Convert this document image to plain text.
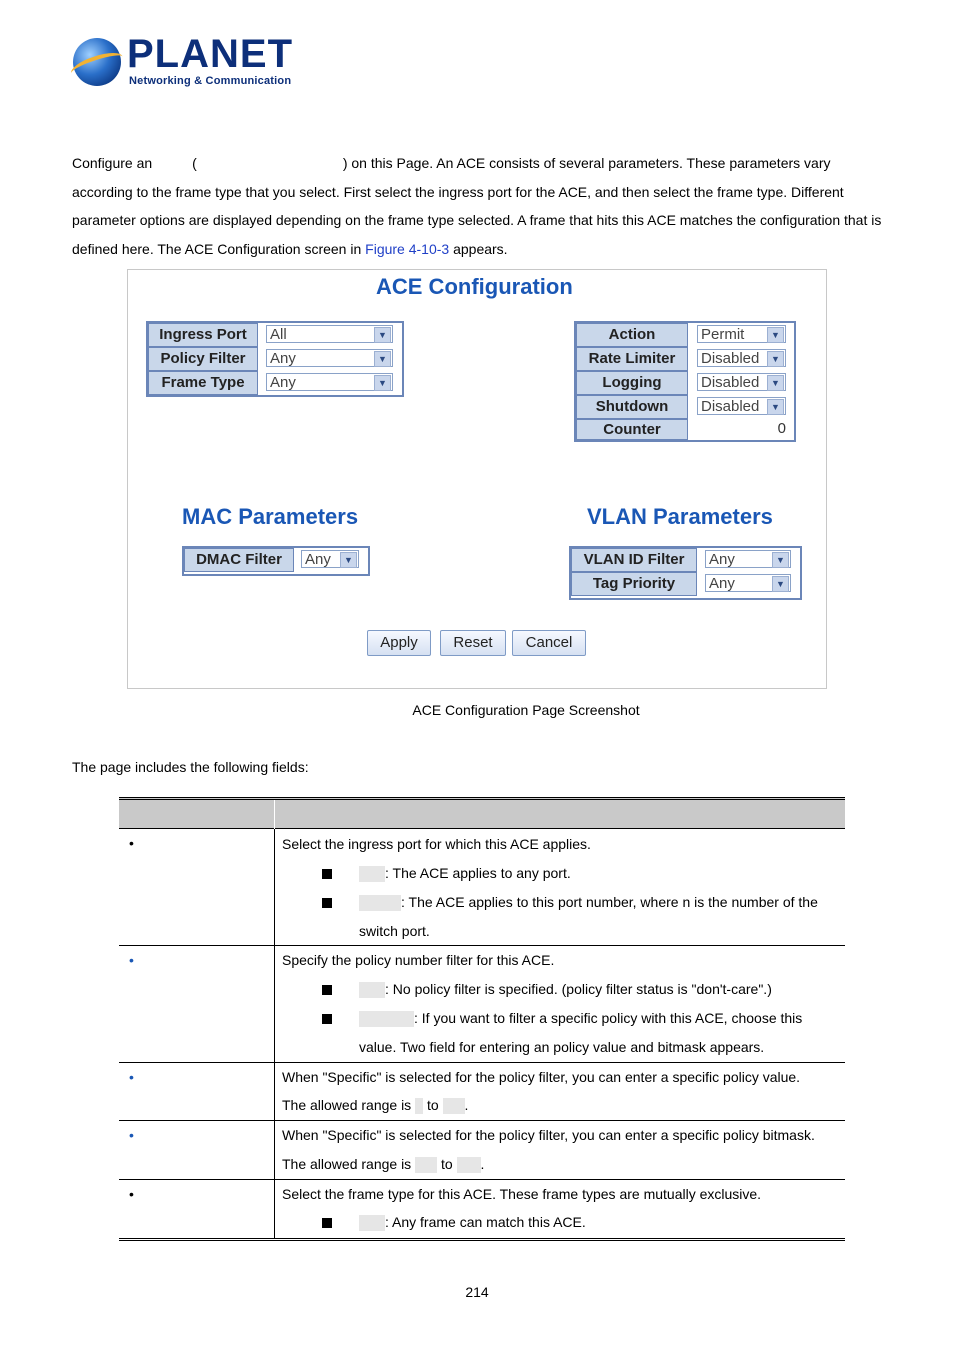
PLANET
Networking & Communication
Configure an	(	) on this Page. An ACE consists of several parameters. These parameters vary according to the frame type that you select. First select the ingress port for the ACE, and then select the frame type. Different parameter options are displayed depending on the frame type selected. A frame that hits this ACE matches the configuration that is defined here. The ACE Configuration screen in Figure 4-10-3 appears.
ACE Configuration
Ingress Port	All	▼
Policy Filter	Any	▼
Frame Type	Any	▼
Action	Permit	▼
Rate Limiter	Disabled	▼
Logging	Disabled	▼
Shutdown	Disabled	▼
Counter	0
MAC Parameters
DMAC Filter	Any	▼
VLAN Parameters
VLAN ID Filter	Any	▼
Tag Priority	Any	▼
Apply	Reset	Cancel
ACE Configuration Page Screenshot
The page includes the following fields:
•	Select the ingress port for which this ACE applies.
: The ACE applies to any port.
: The ACE applies to this port number, where n is the number of the
switch port.
•	Specify the policy number filter for this ACE.
: No policy filter is specified. (policy filter status is "don't-care".)
: If you want to filter a specific policy with this ACE, choose this
value. Two field for entering an policy value and bitmask appears.
•	When "Specific" is selected for the policy filter, you can enter a specific policy value.
The allowed range is to .
•	When "Specific" is selected for the policy filter, you can enter a specific policy bitmask.
The allowed range is to .
•	Select the frame type for this ACE. These frame types are mutually exclusive.
: Any frame can match this ACE.
214
